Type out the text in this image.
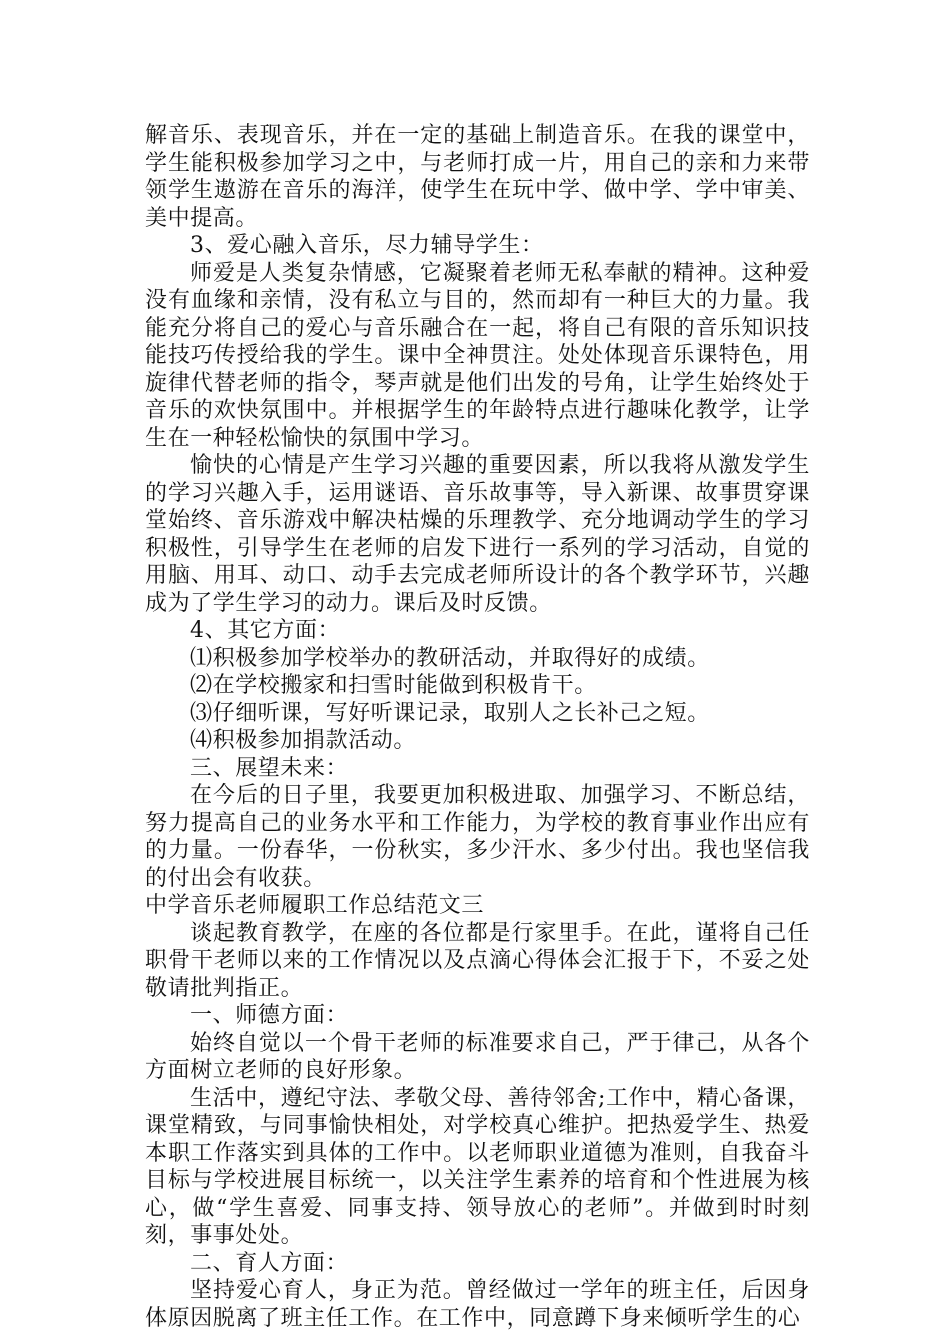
解音乐、表现音乐，并在一定的基础上制造音乐。在我的课堂中，学生能积极参加学习之中，与老师打成一片，用自己的亲和力来带领学生遨游在音乐的海洋，使学生在玩中学、做中学、学中审美、美中提高。

3、爱心融入音乐，尽力辅导学生：

师爱是人类复杂情感，它凝聚着老师无私奉献的精神。这种爱没有血缘和亲情，没有私立与目的，然而却有一种巨大的力量。我能充分将自己的爱心与音乐融合在一起，将自己有限的音乐知识技能技巧传授给我的学生。课中全神贯注。处处体现音乐课特色，用旋律代替老师的指令，琴声就是他们出发的号角，让学生始终处于音乐的欢快氛围中。并根据学生的年龄特点进行趣味化教学，让学生在一种轻松愉快的氛围中学习。

愉快的心情是产生学习兴趣的重要因素，所以我将从激发学生的学习兴趣入手，运用谜语、音乐故事等，导入新课、故事贯穿课堂始终、音乐游戏中解决枯燥的乐理教学、充分地调动学生的学习积极性，引导学生在老师的启发下进行一系列的学习活动，自觉的用脑、用耳、动口、动手去完成老师所设计的各个教学环节，兴趣成为了学生学习的动力。课后及时反馈。

4、其它方面：

⑴积极参加学校举办的教研活动，并取得好的成绩。

⑵在学校搬家和扫雪时能做到积极肯干。

⑶仔细听课，写好听课记录，取别人之长补己之短。

⑷积极参加捐款活动。

三、展望未来：

在今后的日子里，我要更加积极进取、加强学习、不断总结，努力提高自己的业务水平和工作能力，为学校的教育事业作出应有的力量。一份春华，一份秋实，多少汗水、多少付出。我也坚信我的付出会有收获。

中学音乐老师履职工作总结范文三

谈起教育教学，在座的各位都是行家里手。在此，谨将自己任职骨干老师以来的工作情况以及点滴心得体会汇报于下，不妥之处敬请批判指正。

一、师德方面：

始终自觉以一个骨干老师的标准要求自己，严于律己，从各个方面树立老师的良好形象。

生活中，遵纪守法、孝敬父母、善待邻舍;工作中，精心备课，课堂精致，与同事愉快相处，对学校真心维护。把热爱学生、热爱本职工作落实到具体的工作中。以老师职业道德为准则，自我奋斗目标与学校进展目标统一，以关注学生素养的培育和个性进展为核心，做“学生喜爱、同事支持、领导放心的老师”。并做到时时刻刻，事事处处。

二、育人方面：

坚持爱心育人，身正为范。曾经做过一学年的班主任，后因身体原因脱离了班主任工作。在工作中，同意蹲下身来倾听学生的心
